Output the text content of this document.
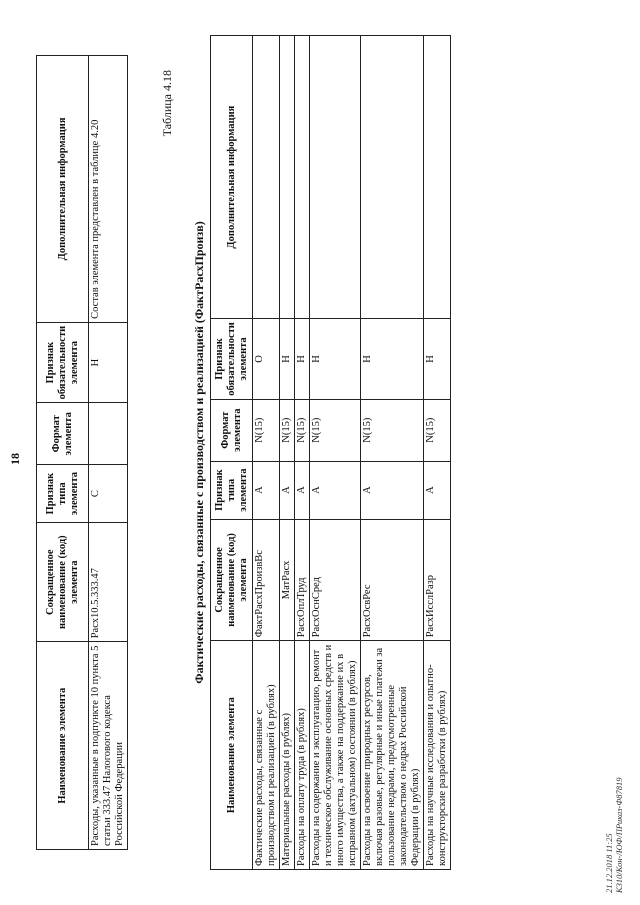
18
Наименование элемента	Сокращенное наименование (код) элемента	Признак типа элемента	Формат элемента	Признак обязательности элемента	Дополнительная информация
Расходы, указанные в подпункте 10 пункта 5 статьи 333.47 Налогового кодекса Российской Федерации	Расх10.5.333.47	С		Н	Состав элемента представлен в таблице 4.20
Фактические расходы, связанные с производством и реализацией (ФактРасхПроизв)
Таблица 4.18
Наименование элемента	Сокращенное наименование (код) элемента	Признак типа элемента	Формат элемента	Признак обязательности элемента	Дополнительная информация
Фактические расходы, связанные с производством и реализацией (в рублях)	ФактРасхПроизвВс	А	N(15)	О	
Материальные расходы (в рублях)	МатРасх	А	N(15)	Н	
Расходы на оплату труда (в рублях)	РасхОплТруд	А	N(15)	Н	
Расходы на содержание и эксплуатацию, ремонт и техническое обслуживание основных средств и иного имущества, а также на поддержание их в исправном (актуальном) состоянии (в рублях)	РасхОснСред	А	N(15)	Н	
Расходы на освоение природных ресурсов, включая разовые, регулярные и иные платежи за пользование недрами, предусмотренные законодательством о недрах Российской Федерации (в рублях)	РасхОсвРес	А	N(15)	Н	
Расходы на научные исследования и опытно-конструкторские разработки (в рублях)	РасхИсслРазр	А	N(15)	Н	
21.12.2018 11:25 К310/Кон-/ЮФ/ПРиказ-Ф87819
